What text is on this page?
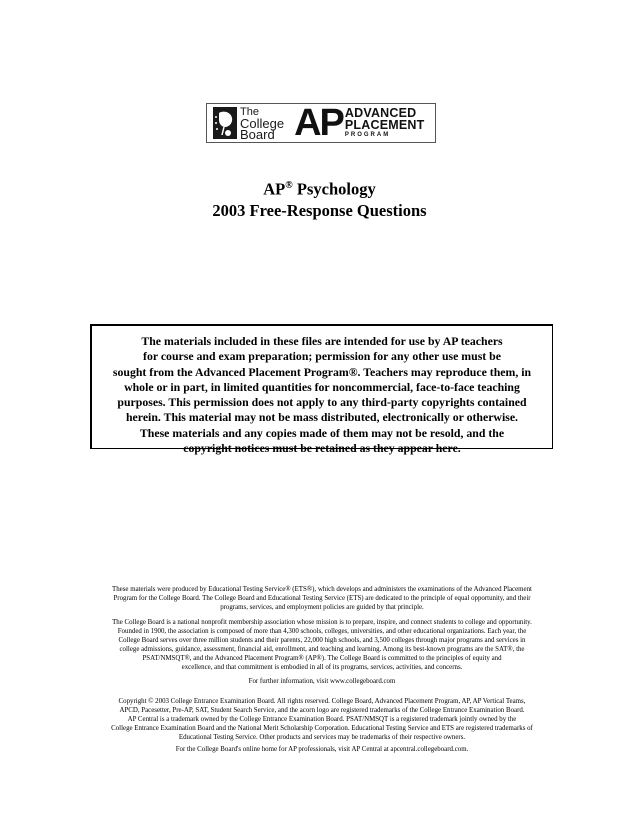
The
College
Board AP ADVANCED
PLACEMENT
PROGRAM
AP® Psychology
2003 Free-Response Questions

The materials included in these files are intended for use by AP teachers
for course and exam preparation; permission for any other use must be
sought from the Advanced Placement Program®. Teachers may reproduce them, in
whole or in part, in limited quantities for noncommercial, face-to-face teaching
purposes. This permission does not apply to any third-party copyrights contained
herein. This material may not be mass distributed, electronically or otherwise.
These materials and any copies made of them may not be resold, and the
copyright notices must be retained as they appear here.

These materials were produced by Educational Testing Service® (ETS®), which develops and administers the examinations of the Advanced Placement
Program for the College Board. The College Board and Educational Testing Service (ETS) are dedicated to the principle of equal opportunity, and their
programs, services, and employment policies are guided by that principle.

The College Board is a national nonprofit membership association whose mission is to prepare, inspire, and connect students to college and opportunity.
Founded in 1900, the association is composed of more than 4,300 schools, colleges, universities, and other educational organizations. Each year, the
College Board serves over three million students and their parents, 22,000 high schools, and 3,500 colleges through major programs and services in
college admissions, guidance, assessment, financial aid, enrollment, and teaching and learning. Among its best-known programs are the SAT®, the
PSAT/NMSQT®, and the Advanced Placement Program® (AP®). The College Board is committed to the principles of equity and
excellence, and that commitment is embodied in all of its programs, services, activities, and concerns.

For further information, visit www.collegeboard.com

Copyright © 2003 College Entrance Examination Board. All rights reserved. College Board, Advanced Placement Program, AP, AP Vertical Teams,
APCD, Pacesetter, Pre-AP, SAT, Student Search Service, and the acorn logo are registered trademarks of the College Entrance Examination Board.
AP Central is a trademark owned by the College Entrance Examination Board. PSAT/NMSQT is a registered trademark jointly owned by the
College Entrance Examination Board and the National Merit Scholarship Corporation. Educational Testing Service and ETS are registered trademarks of
Educational Testing Service. Other products and services may be trademarks of their respective owners.

For the College Board's online home for AP professionals, visit AP Central at apcentral.collegeboard.com.
